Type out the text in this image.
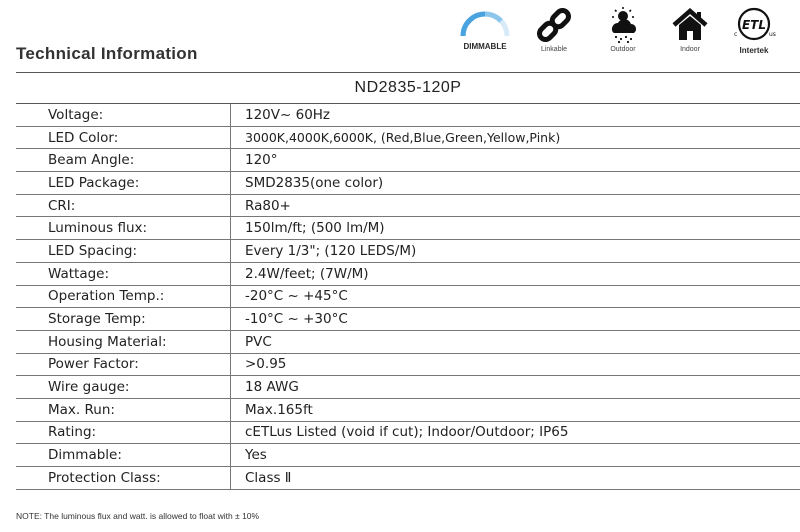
Technical Information	DIMMABLE	Linkable	Outdoor	Indoor
ETL
c	us
Intertek
ND2835-120P
Voltage:	120V~ 60Hz
LED Color:	3000K,4000K,6000K, (Red,Blue,Green,Yellow,Pink)
Beam Angle:	120°
LED Package:	SMD2835(one color)
CRI:	Ra80+
Luminous flux:	150lm/ft; (500 lm/M)
LED Spacing:	Every 1/3"; (120 LEDS/M)
Wattage:	2.4W/feet; (7W/M)
Operation Temp.:	-20°C ~ +45°C
Storage Temp:	-10°C ~ +30°C
Housing Material:	PVC
Power Factor:	>0.95
Wire gauge:	18 AWG
Max. Run:	Max.165ft
Rating:	cETLus Listed (void if cut); Indoor/Outdoor; IP65
Dimmable:	Yes
Protection Class:	Class Ⅱ
NOTE: The luminous flux and watt. is allowed to float with ± 10%
